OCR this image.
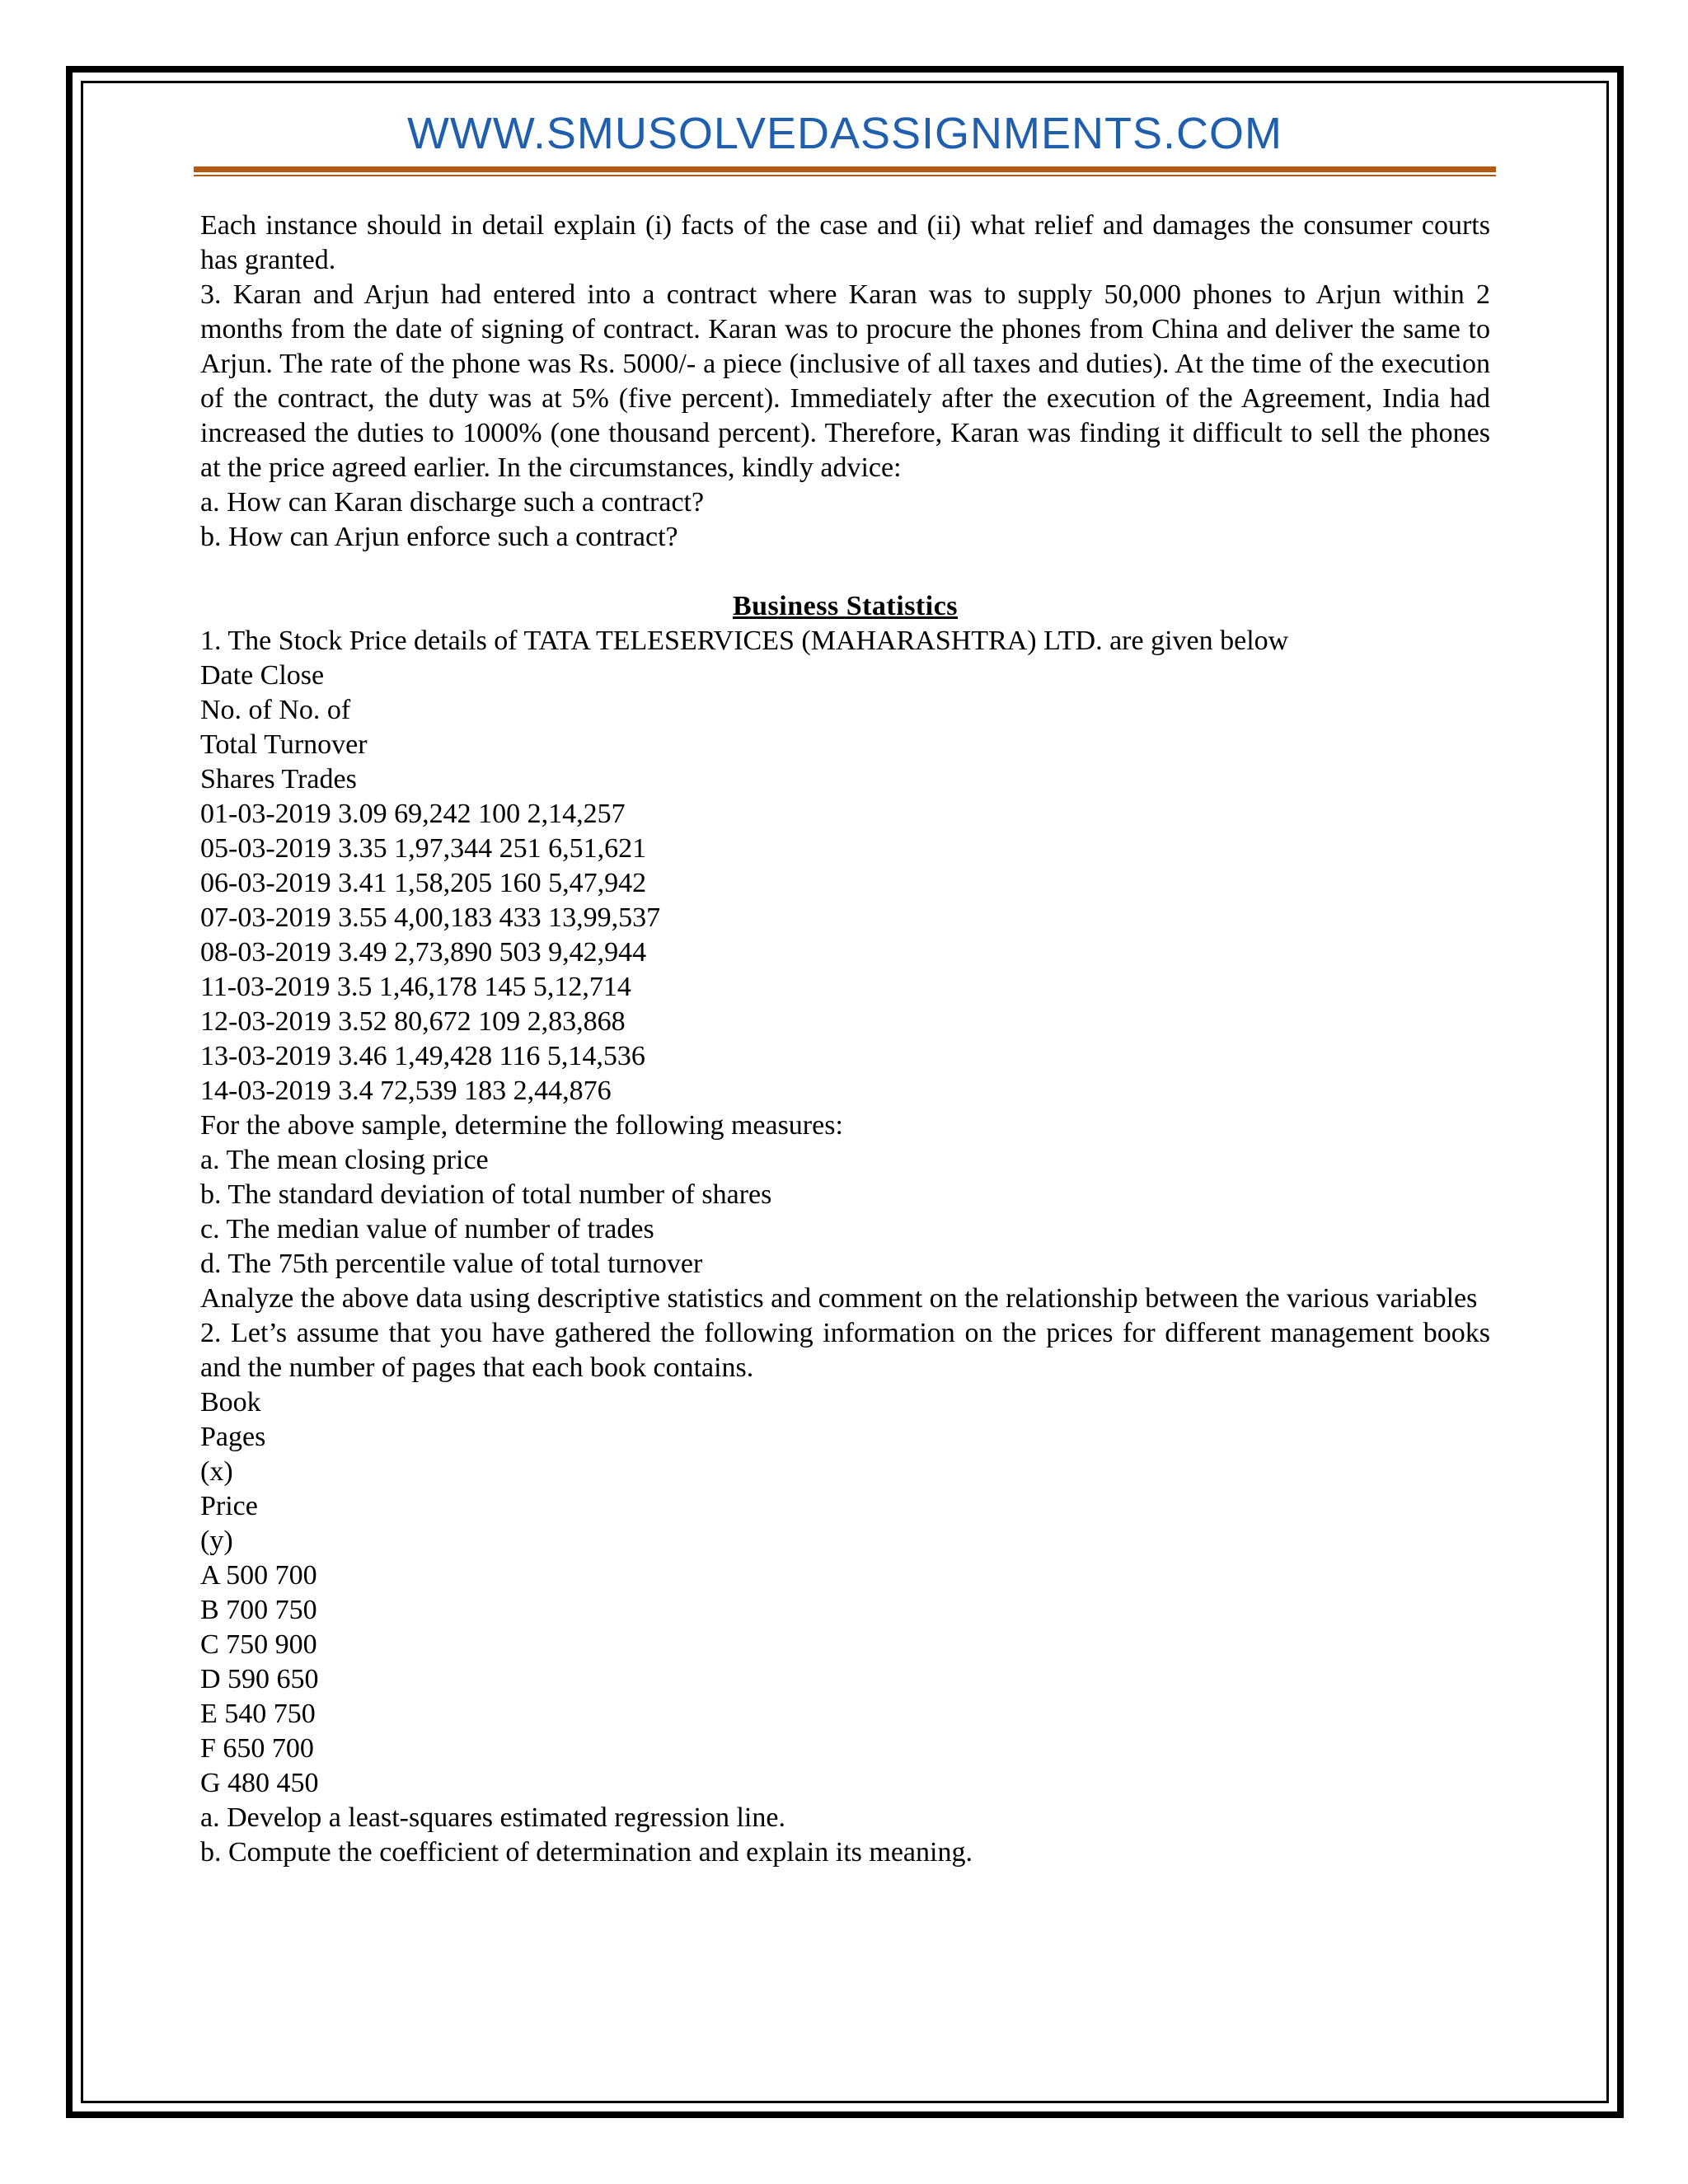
WWW.SMUSOLVEDASSIGNMENTS.COM

Each instance should in detail explain (i) facts of the case and (ii) what relief and damages the consumer courts has granted.

3. Karan and Arjun had entered into a contract where Karan was to supply 50,000 phones to Arjun within 2 months from the date of signing of contract. Karan was to procure the phones from China and deliver the same to Arjun. The rate of the phone was Rs. 5000/- a piece (inclusive of all taxes and duties). At the time of the execution of the contract, the duty was at 5% (five percent). Immediately after the execution of the Agreement, India had increased the duties to 1000% (one thousand percent). Therefore, Karan was finding it difficult to sell the phones at the price agreed earlier. In the circumstances, kindly advice:

a. How can Karan discharge such a contract?

b. How can Arjun enforce such a contract?

Business Statistics

1. The Stock Price details of TATA TELESERVICES (MAHARASHTRA) LTD. are given below

Date Close

No. of No. of

Total Turnover

Shares Trades

01-03-2019 3.09 69,242 100 2,14,257

05-03-2019 3.35 1,97,344 251 6,51,621

06-03-2019 3.41 1,58,205 160 5,47,942

07-03-2019 3.55 4,00,183 433 13,99,537

08-03-2019 3.49 2,73,890 503 9,42,944

11-03-2019 3.5 1,46,178 145 5,12,714

12-03-2019 3.52 80,672 109 2,83,868

13-03-2019 3.46 1,49,428 116 5,14,536

14-03-2019 3.4 72,539 183 2,44,876

For the above sample, determine the following measures:

a. The mean closing price

b. The standard deviation of total number of shares

c. The median value of number of trades

d. The 75th percentile value of total turnover

Analyze the above data using descriptive statistics and comment on the relationship between the various variables

2. Let’s assume that you have gathered the following information on the prices for different management books and the number of pages that each book contains.

Book

Pages

(x)

Price

(y)

A 500 700

B 700 750

C 750 900

D 590 650

E 540 750

F 650 700

G 480 450

a. Develop a least-squares estimated regression line.

b. Compute the coefficient of determination and explain its meaning.
